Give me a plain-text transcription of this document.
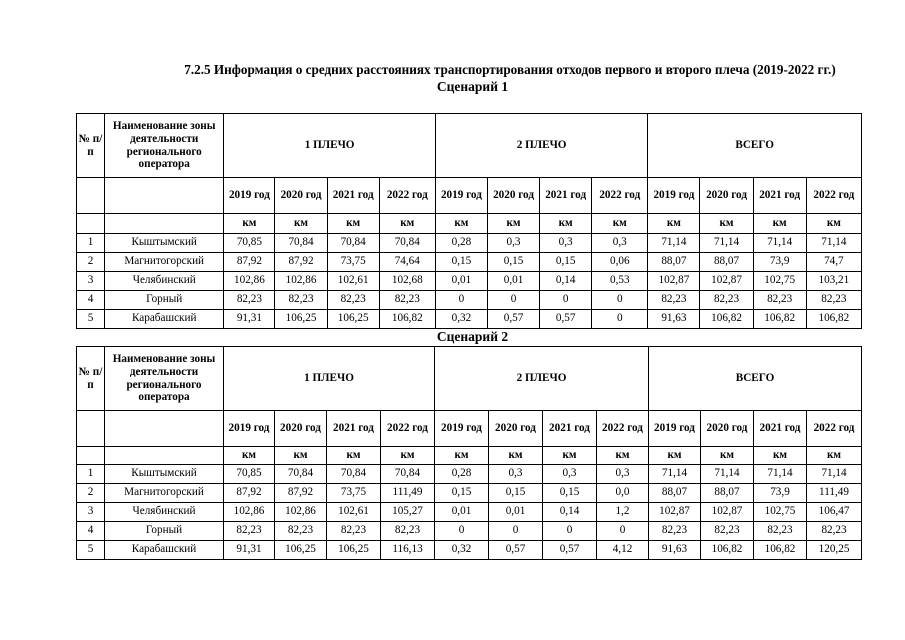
7.2.5 Информация о средних расстояниях транспортирования отходов первого и второго плеча (2019-2022 гг.)
Сценарий 1
Сценарий 2
№ п/п	Наименование зоны деятельности регионального оператора	1 ПЛЕЧО				2 ПЛЕЧО				ВСЕГО			
		2019 год	2020 год	2021 год	2022 год	2019 год	2020 год	2021 год	2022 год	2019 год	2020 год	2021 год	2022 год
		км	км	км	км	км	км	км	км	км	км	км	км
1	Кыштымский	70,85	70,84	70,84	70,84	0,28	0,3	0,3	0,3	71,14	71,14	71,14	71,14
2	Магнитогорский	87,92	87,92	73,75	74,64	0,15	0,15	0,15	0,06	88,07	88,07	73,9	74,7
3	Челябинский	102,86	102,86	102,61	102,68	0,01	0,01	0,14	0,53	102,87	102,87	102,75	103,21
4	Горный	82,23	82,23	82,23	82,23	0	0	0	0	82,23	82,23	82,23	82,23
5	Карабашский	91,31	106,25	106,25	106,82	0,32	0,57	0,57	0	91,63	106,82	106,82	106,82
№ п/п	Наименование зоны деятельности регионального оператора	1 ПЛЕЧО				2 ПЛЕЧО				ВСЕГО			
		2019 год	2020 год	2021 год	2022 год	2019 год	2020 год	2021 год	2022 год	2019 год	2020 год	2021 год	2022 год
		км	км	км	км	км	км	км	км	км	км	км	км
1	Кыштымский	70,85	70,84	70,84	70,84	0,28	0,3	0,3	0,3	71,14	71,14	71,14	71,14
2	Магнитогорский	87,92	87,92	73,75	111,49	0,15	0,15	0,15	0,0	88,07	88,07	73,9	111,49
3	Челябинский	102,86	102,86	102,61	105,27	0,01	0,01	0,14	1,2	102,87	102,87	102,75	106,47
4	Горный	82,23	82,23	82,23	82,23	0	0	0	0	82,23	82,23	82,23	82,23
5	Карабашский	91,31	106,25	106,25	116,13	0,32	0,57	0,57	4,12	91,63	106,82	106,82	120,25
